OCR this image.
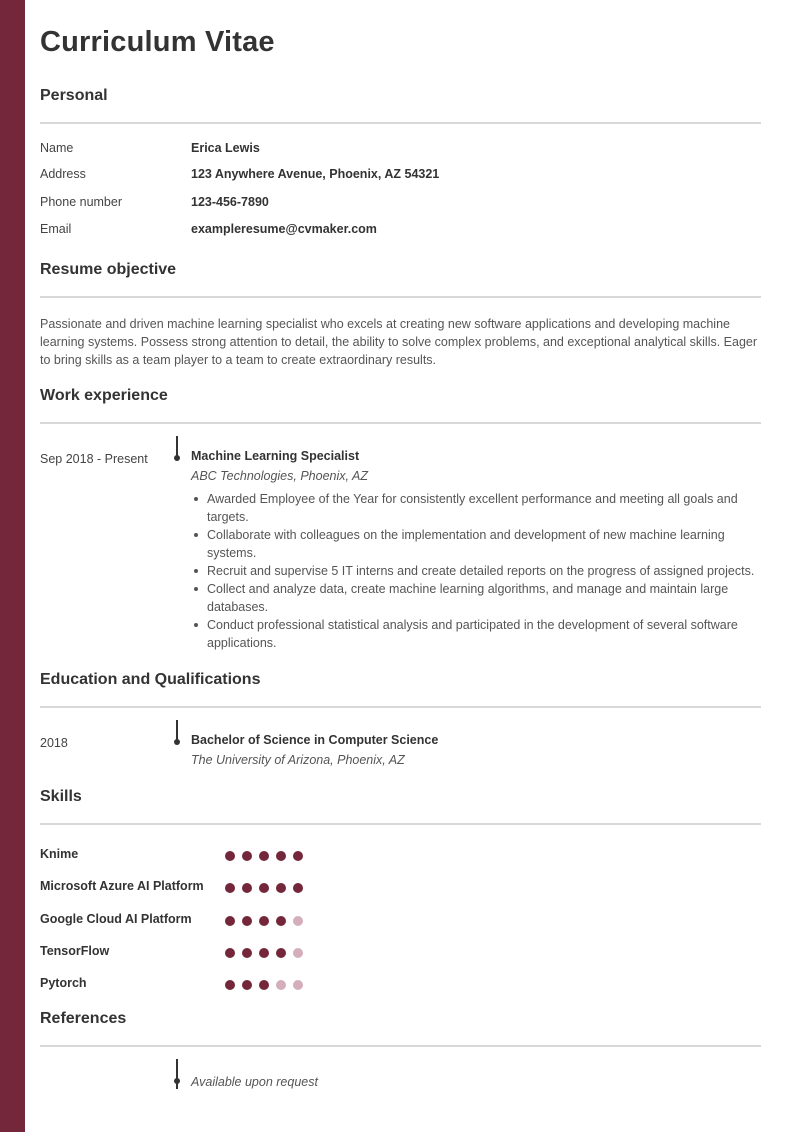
Curriculum Vitae
Personal
Name	Erica Lewis
Address	123 Anywhere Avenue, Phoenix, AZ 54321
Phone number	123-456-7890
Email	exampleresume@cvmaker.com
Resume objective

Passionate and driven machine learning specialist who excels at creating new software applications and developing machine learning systems. Possess strong attention to detail, the ability to solve complex problems, and exceptional analytical skills. Eager to bring skills as a team player to a team to create extraordinary results.

Work experience
Sep 2018 - Present	Machine Learning Specialist
ABC Technologies, Phoenix, AZ
Awarded Employee of the Year for consistently excellent performance and meeting all goals and targets.
Collaborate with colleagues on the implementation and development of new machine learning systems.
Recruit and supervise 5 IT interns and create detailed reports on the progress of assigned projects.
Collect and analyze data, create machine learning algorithms, and manage and maintain large databases.
Conduct professional statistical analysis and participated in the development of several software applications.
Education and Qualifications
2018	Bachelor of Science in Computer Science
The University of Arizona, Phoenix, AZ
Skills
Knime
Microsoft Azure AI Platform
Google Cloud AI Platform
TensorFlow
Pytorch
References
Available upon request
